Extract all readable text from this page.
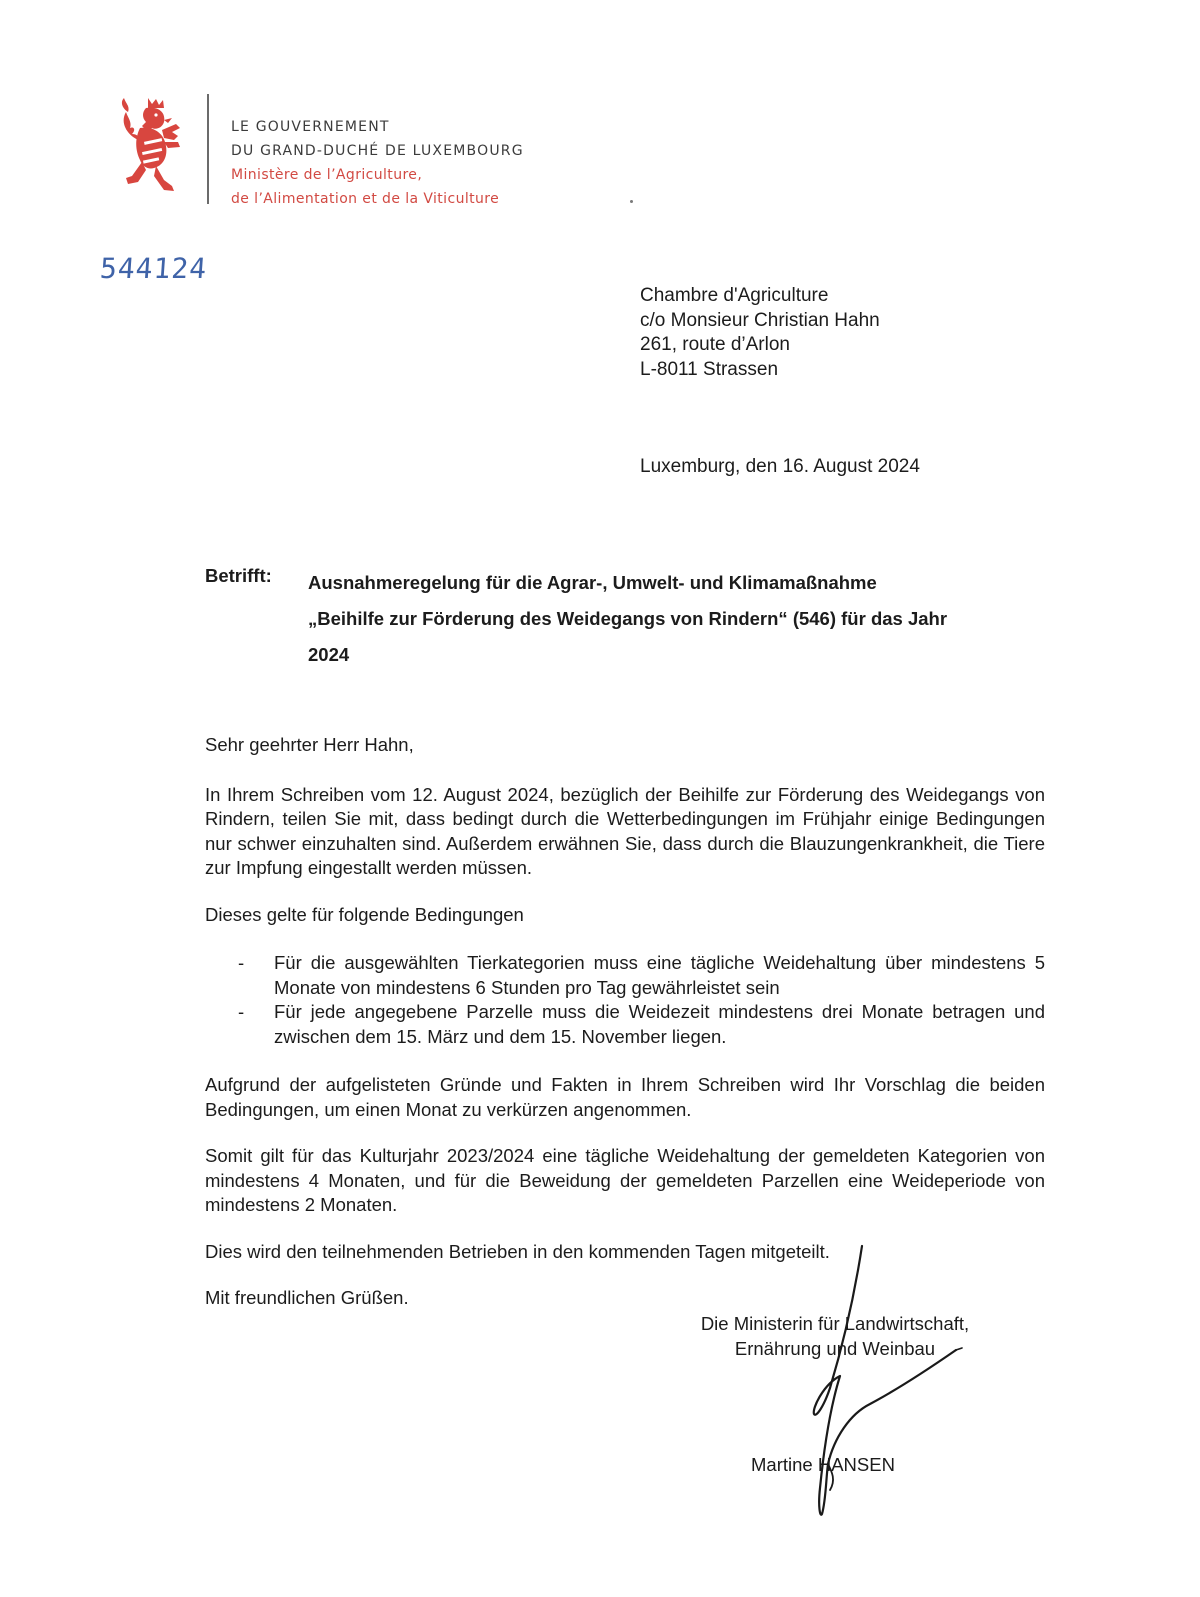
LE GOUVERNEMENT
DU GRAND-DUCHÉ DE LUXEMBOURG
Ministère de l’Agriculture,
de l’Alimentation et de la Viticulture
544124
Chambre d'Agriculture
c/o Monsieur Christian Hahn
261, route d’Arlon
L-8011 Strassen
Luxemburg, den 16. August 2024
Betrifft: Ausnahmeregelung für die Agrar-, Umwelt- und Klimamaßnahme
„Beihilfe zur Förderung des Weidegangs von Rindern“ (546) für das Jahr
2024

Sehr geehrter Herr Hahn,

In Ihrem Schreiben vom 12. August 2024, bezüglich der Beihilfe zur Förderung des Weidegangs von Rindern, teilen Sie mit, dass bedingt durch die Wetterbedingungen im Frühjahr einige Bedingungen nur schwer einzuhalten sind. Außerdem erwähnen Sie, dass durch die Blauzungenkrankheit, die Tiere zur Impfung eingestallt werden müssen.

Dieses gelte für folgende Bedingungen

- Für die ausgewählten Tierkategorien muss eine tägliche Weidehaltung über mindestens 5 Monate von mindestens 6 Stunden pro Tag gewährleistet sein
- Für jede angegebene Parzelle muss die Weidezeit mindestens drei Monate betragen und zwischen dem 15. März und dem 15. November liegen.

Aufgrund der aufgelisteten Gründe und Fakten in Ihrem Schreiben wird Ihr Vorschlag die beiden Bedingungen, um einen Monat zu verkürzen angenommen.

Somit gilt für das Kulturjahr 2023/2024 eine tägliche Weidehaltung der gemeldeten Kategorien von mindestens 4 Monaten, und für die Beweidung der gemeldeten Parzellen eine Weideperiode von mindestens 2 Monaten.

Dies wird den teilnehmenden Betrieben in den kommenden Tagen mitgeteilt.

Mit freundlichen Grüßen.

Die Ministerin für Landwirtschaft,
Ernährung und Weinbau
Martine HANSEN
